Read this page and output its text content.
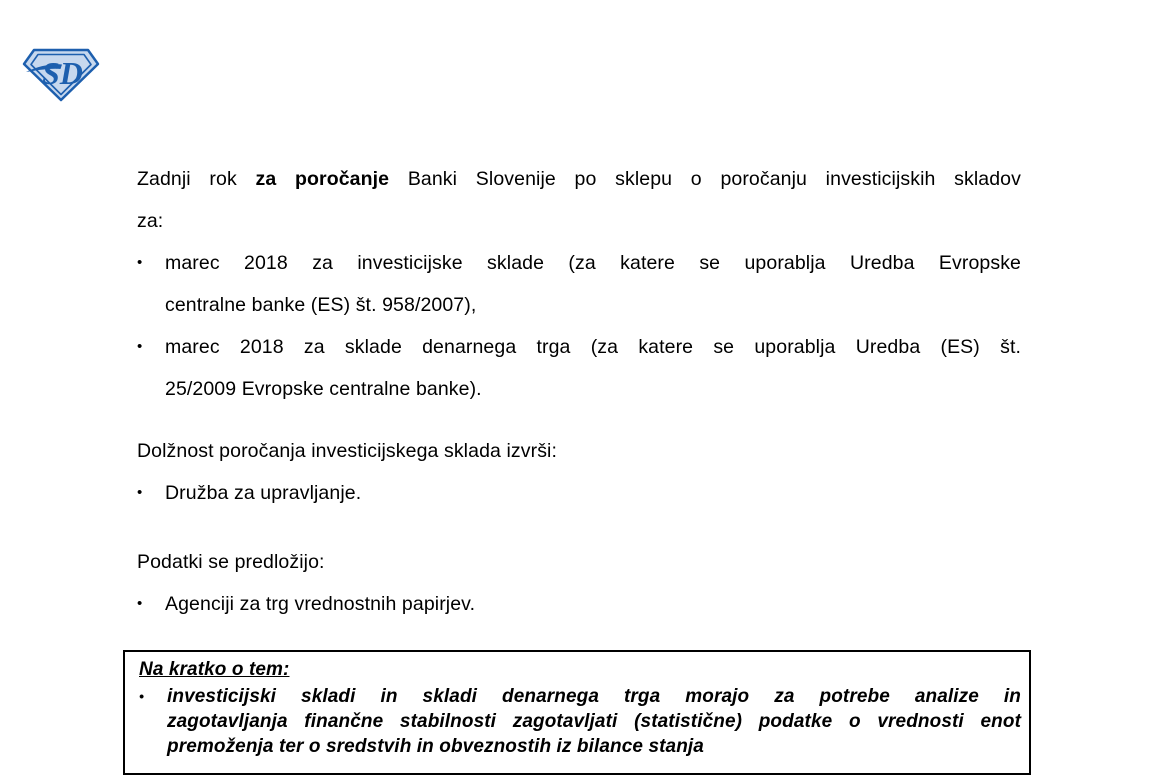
SD
Zadnji rok za poročanje Banki Slovenije po sklepu o poročanju investicijskih skladov
za:
•	marec 2018 za investicijske sklade (za katere se uporablja Uredba Evropske
centralne banke (ES) št. 958/2007),
•	marec 2018 za sklade denarnega trga (za katere se uporablja Uredba (ES) št.
25/2009 Evropske centralne banke).
Dolžnost poročanja investicijskega sklada izvrši:
•	Družba za upravljanje.
Podatki se predložijo:
•	Agenciji za trg vrednostnih papirjev.
Na kratko o tem:
•	investicijski skladi in skladi denarnega trga morajo za potrebe analize in
zagotavljanja finančne stabilnosti zagotavljati (statistične) podatke o vrednosti enot
premoženja ter o sredstvih in obveznostih iz bilance stanja
